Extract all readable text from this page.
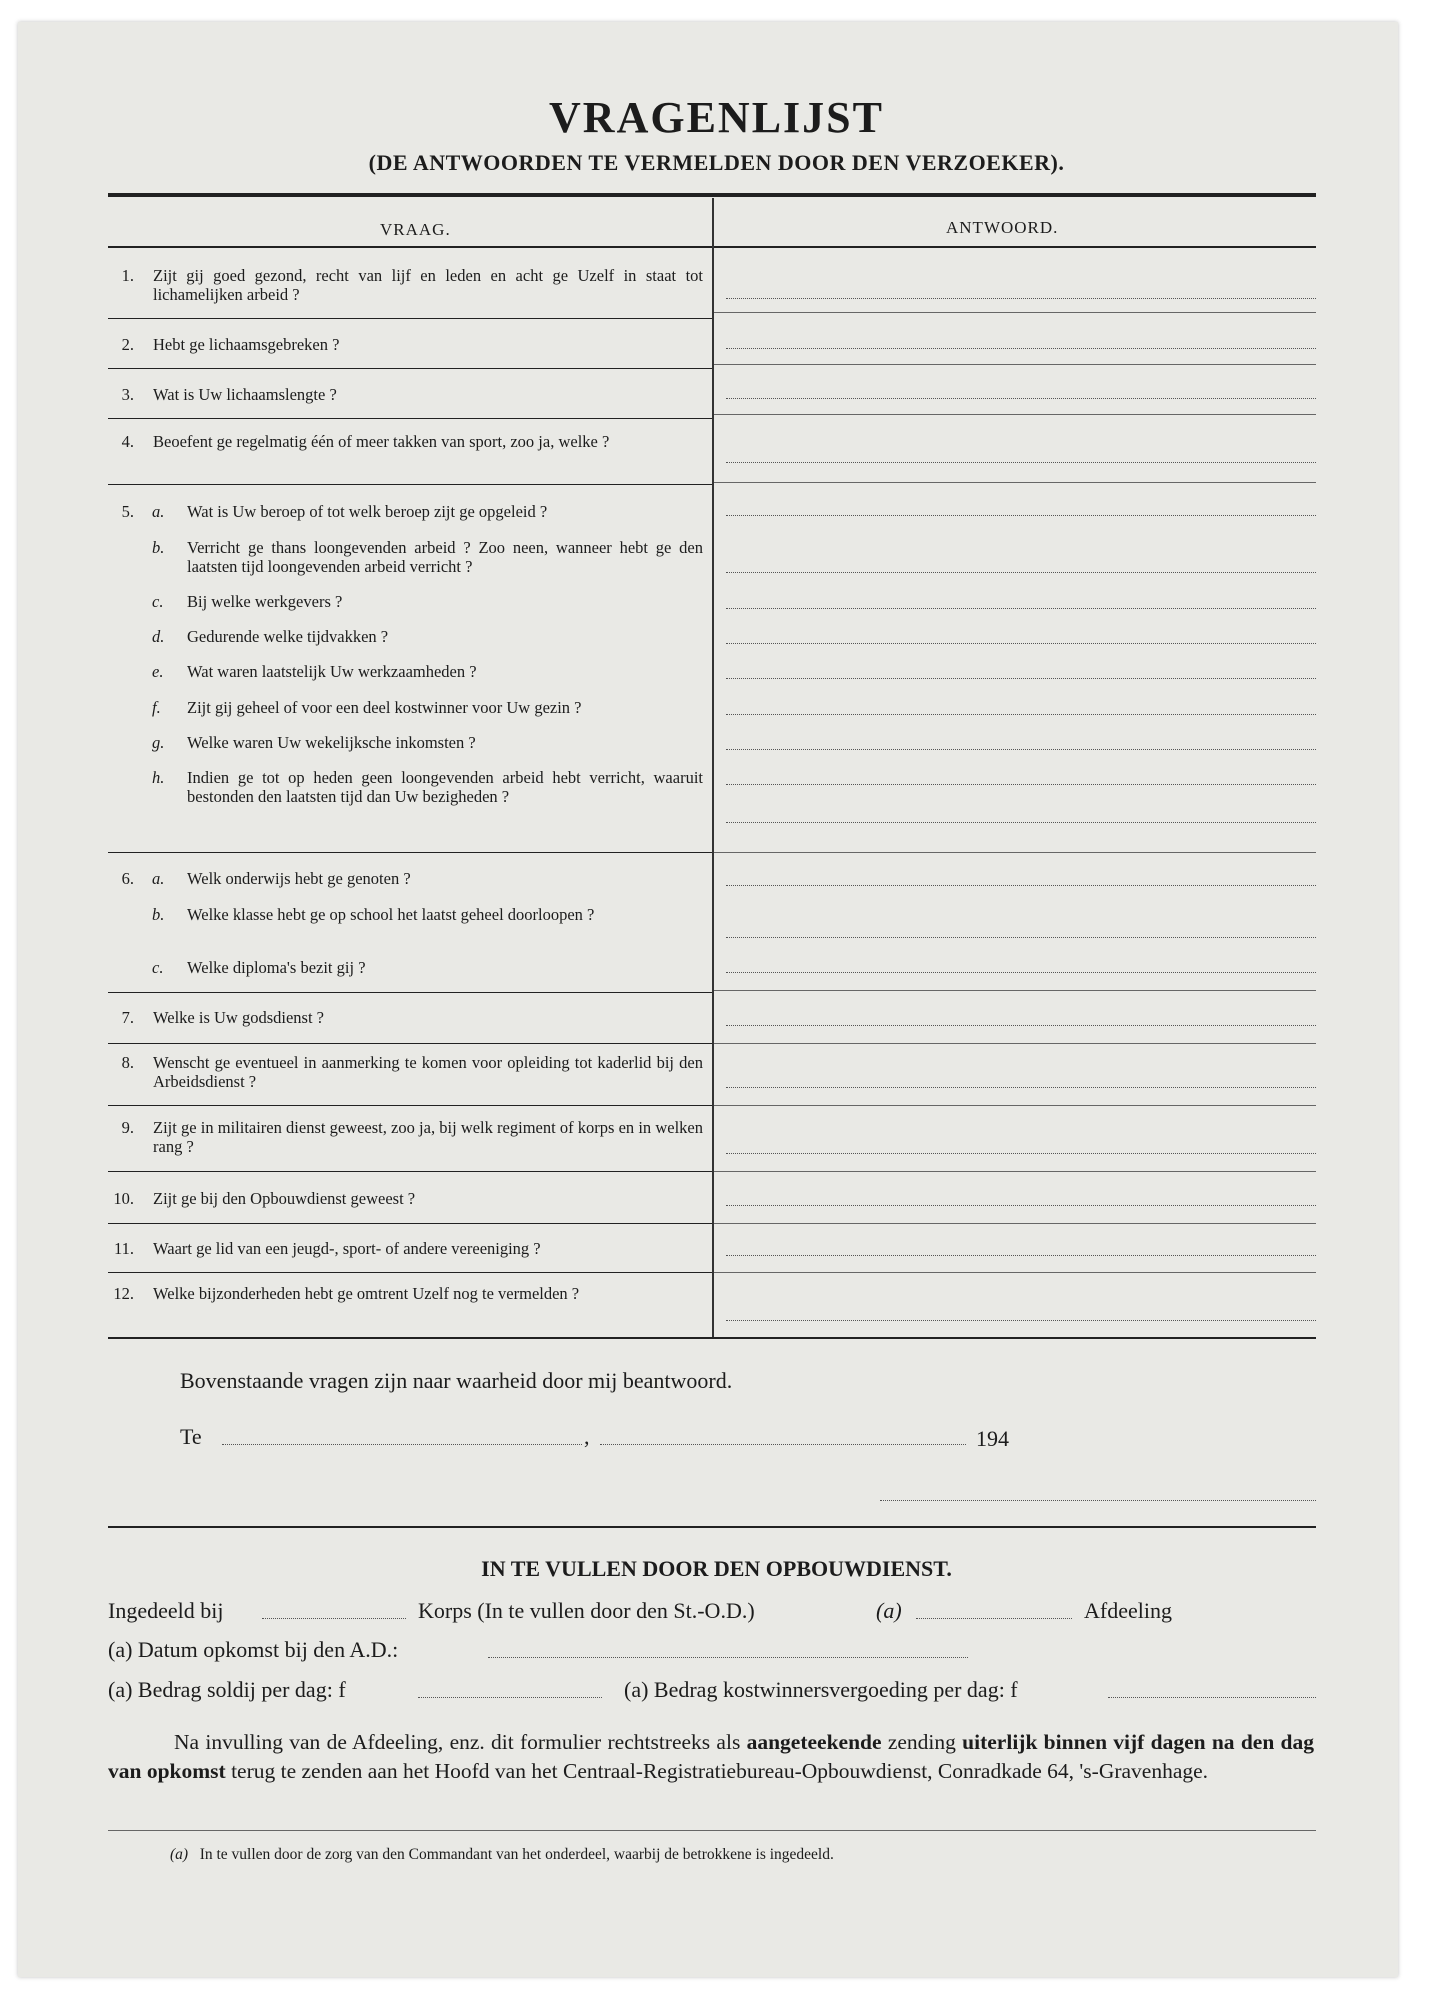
VRAGENLIJST
(DE ANTWOORDEN TE VERMELDEN DOOR DEN VERZOEKER).
VRAAG.	ANTWOORD.
1. Zijt gij goed gezond, recht van lijf en leden en acht ge Uzelf in staat tot lichamelijken arbeid ?
2. Hebt ge lichaamsgebreken ?
3. Wat is Uw lichaamslengte ?
4. Beoefent ge regelmatig één of meer takken van sport, zoo ja, welke ?
5. a. Wat is Uw beroep of tot welk beroep zijt ge opgeleid ?
b. Verricht ge thans loongevenden arbeid ? Zoo neen, wanneer hebt ge den laatsten tijd loongevenden arbeid verricht ?
c. Bij welke werkgevers ?
d. Gedurende welke tijdvakken ?
e. Wat waren laatstelijk Uw werkzaamheden ?
f. Zijt gij geheel of voor een deel kostwinner voor Uw gezin ?
g. Welke waren Uw wekelijksche inkomsten ?
h. Indien ge tot op heden geen loongevenden arbeid hebt verricht, waaruit bestonden den laatsten tijd dan Uw bezigheden ?
6. a. Welk onderwijs hebt ge genoten ?
b. Welke klasse hebt ge op school het laatst geheel doorloopen ?
c. Welke diploma's bezit gij ?
7. Welke is Uw godsdienst ?
8. Wenscht ge eventueel in aanmerking te komen voor opleiding tot kaderlid bij den Arbeidsdienst ?
9. Zijt ge in militairen dienst geweest, zoo ja, bij welk regiment of korps en in welken rang ?
10. Zijt ge bij den Opbouwdienst geweest ?
11. Waart ge lid van een jeugd-, sport- of andere vereeniging ?
12. Welke bijzonderheden hebt ge omtrent Uzelf nog te vermelden ?
Bovenstaande vragen zijn naar waarheid door mij beantwoord.
Te	,	194
IN TE VULLEN DOOR DEN OPBOUWDIENST.
Ingedeeld bij	Korps (In te vullen door den St.-O.D.)	(a)	Afdeeling
(a) Datum opkomst bij den A.D.:
(a) Bedrag soldij per dag: f	(a) Bedrag kostwinnersvergoeding per dag: f
Na invulling van de Afdeeling, enz. dit formulier rechtstreeks als aangeteekende zending uiterlijk binnen vijf dagen na den dag van opkomst terug te zenden aan het Hoofd van het Centraal-Registratiebureau-Opbouwdienst, Conradkade 64, 's-Gravenhage.
(a) In te vullen door de zorg van den Commandant van het onderdeel, waarbij de betrokkene is ingedeeld.
